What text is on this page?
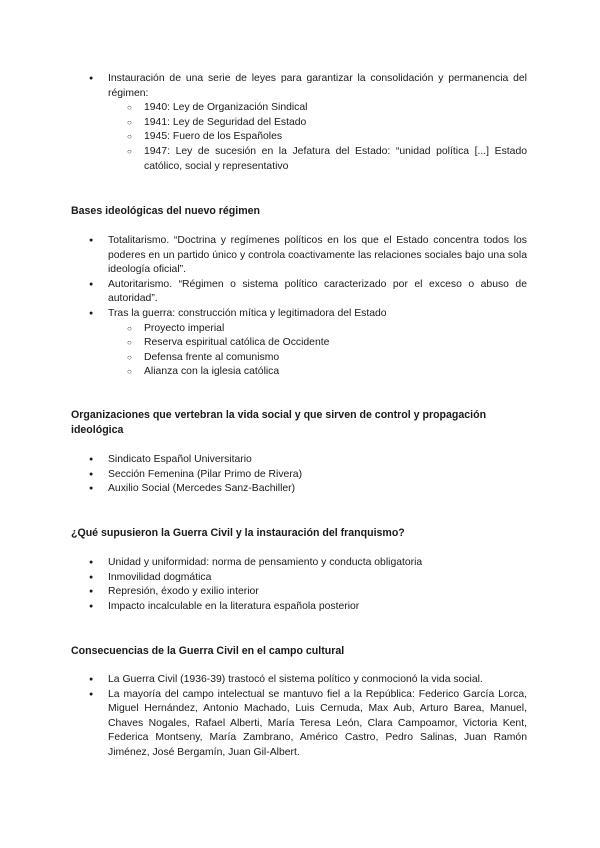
● Instauración de una serie de leyes para garantizar la consolidación y permanencia del régimen:
○ 1940: Ley de Organización Sindical
○ 1941: Ley de Seguridad del Estado
○ 1945: Fuero de los Españoles
○ 1947: Ley de sucesión en la Jefatura del Estado: “unidad política [...] Estado católico, social y representativo

Bases ideológicas del nuevo régimen

● Totalitarismo. “Doctrina y regímenes políticos en los que el Estado concentra todos los poderes en un partido único y controla coactivamente las relaciones sociales bajo una sola ideología oficial”.
● Autoritarismo. “Régimen o sistema político caracterizado por el exceso o abuso de autoridad”.
● Tras la guerra: construcción mítica y legitimadora del Estado
○ Proyecto imperial
○ Reserva espiritual católica de Occidente
○ Defensa frente al comunismo
○ Alianza con la iglesia católica

Organizaciones que vertebran la vida social y que sirven de control y propagación ideológica

● Sindicato Español Universitario
● Sección Femenina (Pilar Primo de Rivera)
● Auxilio Social (Mercedes Sanz-Bachiller)

¿Qué supusieron la Guerra Civil y la instauración del franquismo?

● Unidad y uniformidad: norma de pensamiento y conducta obligatoria
● Inmovilidad dogmática
● Represión, éxodo y exilio interior
● Impacto incalculable en la literatura española posterior

Consecuencias de la Guerra Civil en el campo cultural

● La Guerra Civil (1936-39) trastocó el sistema político y conmocionó la vida social.
● La mayoría del campo intelectual se mantuvo fiel a la República: Federico García Lorca, Miguel Hernández, Antonio Machado, Luis Cernuda, Max Aub, Arturo Barea, Manuel, Chaves Nogales, Rafael Alberti, María Teresa León, Clara Campoamor, Victoria Kent, Federica Montseny, María Zambrano, Américo Castro, Pedro Salinas, Juan Ramón Jiménez, José Bergamín, Juan Gil-Albert.
